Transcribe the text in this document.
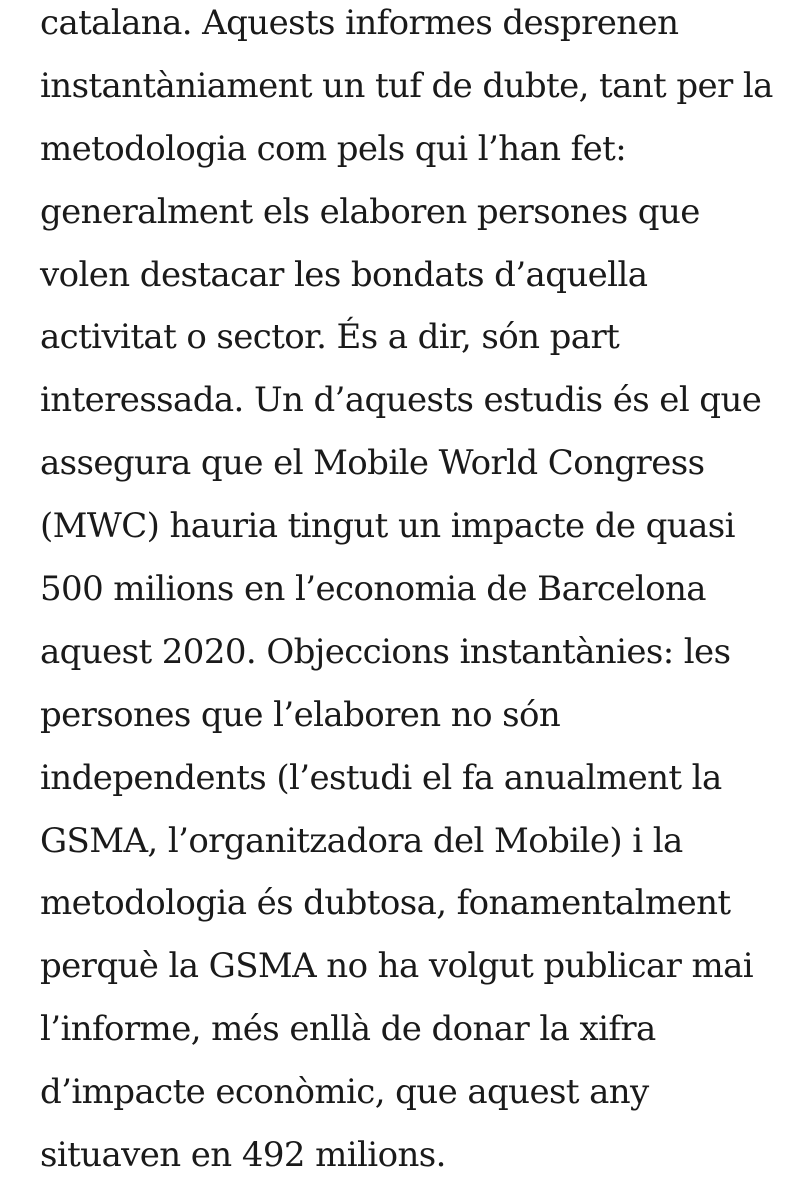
catalana. Aquests informes desprenen
instantàniament un tuf de dubte, tant per la
metodologia com pels qui l’han fet:
generalment els elaboren persones que
volen destacar les bondats d’aquella
activitat o sector. És a dir, són part
interessada. Un d’aquests estudis és el que
assegura que el Mobile World Congress
(MWC) hauria tingut un impacte de quasi
500 milions en l’economia de Barcelona
aquest 2020. Objeccions instantànies: les
persones que l’elaboren no són
independents (l’estudi el fa anualment la
GSMA, l’organitzadora del Mobile) i la
metodologia és dubtosa, fonamentalment
perquè la GSMA no ha volgut publicar mai
l’informe, més enllà de donar la xifra
d’impacte econòmic, que aquest any
situaven en 492 milions.
